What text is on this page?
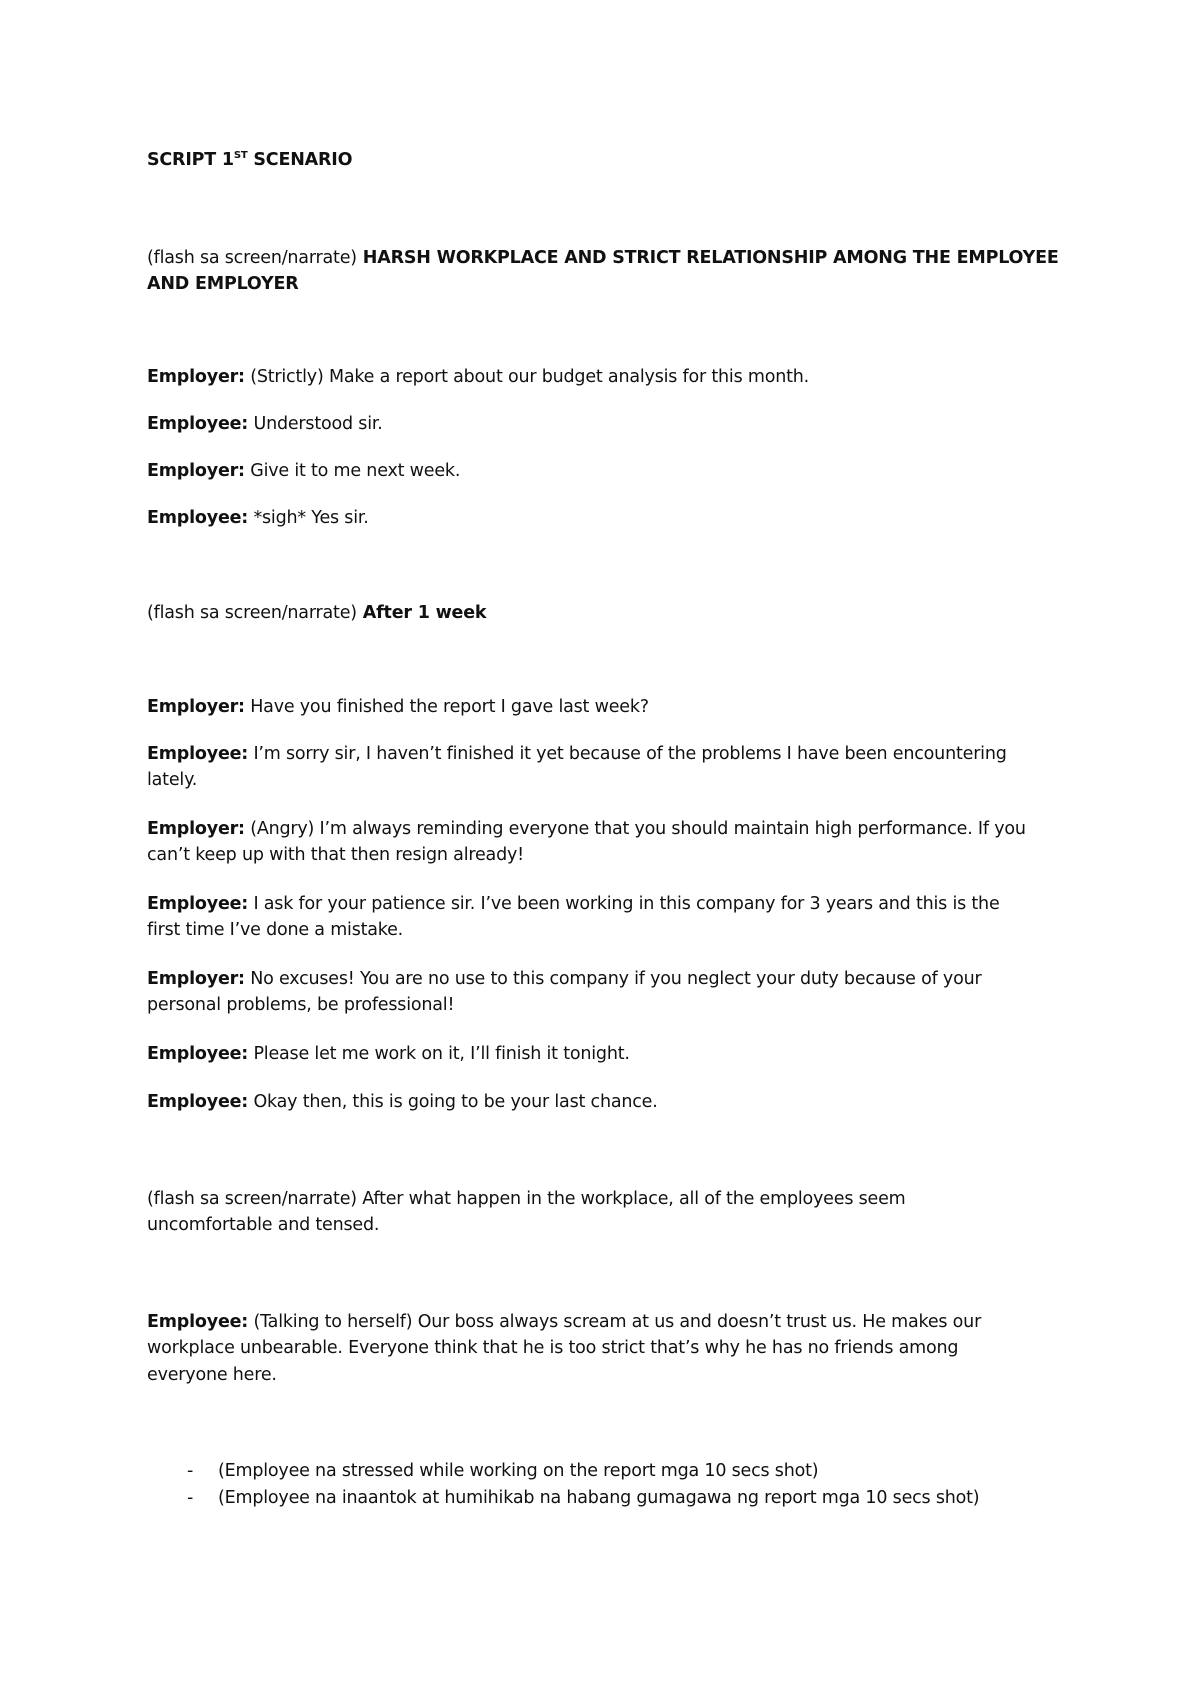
SCRIPT 1ST SCENARIO
(flash sa screen/narrate) HARSH WORKPLACE AND STRICT RELATIONSHIP AMONG THE EMPLOYEE
AND EMPLOYER
Employer: (Strictly) Make a report about our budget analysis for this month.
Employee: Understood sir.
Employer: Give it to me next week.
Employee: *sigh* Yes sir.
(flash sa screen/narrate) After 1 week
Employer: Have you finished the report I gave last week?
Employee: I’m sorry sir, I haven’t finished it yet because of the problems I have been encountering
lately.
Employer: (Angry) I’m always reminding everyone that you should maintain high performance. If you
can’t keep up with that then resign already!
Employee: I ask for your patience sir. I’ve been working in this company for 3 years and this is the
first time I’ve done a mistake.
Employer: No excuses! You are no use to this company if you neglect your duty because of your
personal problems, be professional!
Employee: Please let me work on it, I’ll finish it tonight.
Employee: Okay then, this is going to be your last chance.
(flash sa screen/narrate) After what happen in the workplace, all of the employees seem
uncomfortable and tensed.
Employee: (Talking to herself) Our boss always scream at us and doesn’t trust us. He makes our
workplace unbearable. Everyone think that he is too strict that’s why he has no friends among
everyone here.
- (Employee na stressed while working on the report mga 10 secs shot)
- (Employee na inaantok at humihikab na habang gumagawa ng report mga 10 secs shot)
